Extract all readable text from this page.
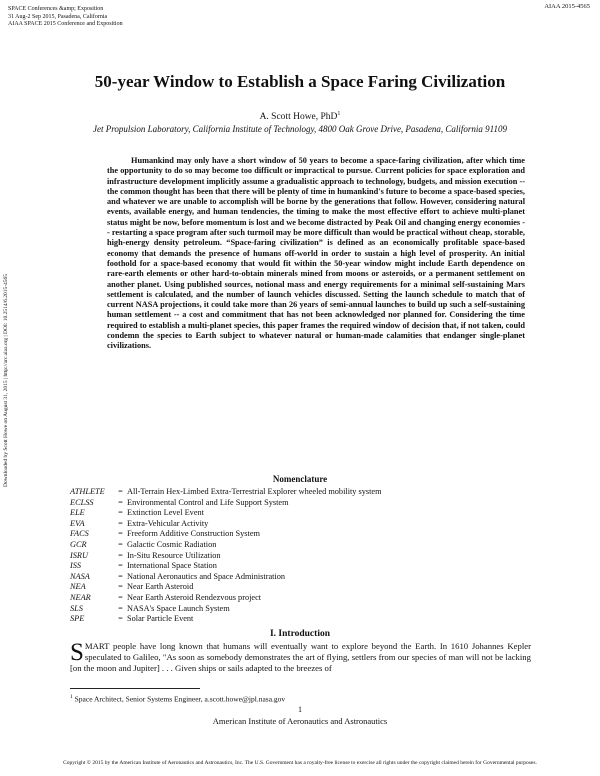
SPACE Conferences &amp; Exposition
31 Aug-2 Sep 2015, Pasadena, California
AIAA SPACE 2015 Conference and Exposition
AIAA 2015-4565
Downloaded by Scott Howe on August 31, 2015 | http://arc.aiaa.org | DOI: 10.2514/6.2015-4565
50-year Window to Establish a Space Faring Civilization
A. Scott Howe, PhD$^1$
Jet Propulsion Laboratory, California Institute of Technology, 4800 Oak Grove Drive, Pasadena, California 91109
Humankind may only have a short window of 50 years to become a space-faring civilization, after which time the opportunity to do so may become too difficult or impractical to pursue. Current policies for space exploration and infrastructure development implicitly assume a gradualistic approach to technology, budgets, and mission execution -- the common thought has been that there will be plenty of time in humankind's future to become a space-based species, and whatever we are unable to accomplish will be borne by the generations that follow. However, considering natural events, available energy, and human tendencies, the timing to make the most effective effort to achieve multi-planet status might be now, before momentum is lost and we become distracted by Peak Oil and changing energy economies -- restarting a space program after such turmoil may be more difficult than would be practical without cheap, storable, high-energy density petroleum. “Space-faring civilization” is defined as an economically profitable space-based economy that demands the presence of humans off-world in order to sustain a high level of prosperity. An initial foothold for a space-based economy that would fit within the 50-year window might include Earth dependence on rare-earth elements or other hard-to-obtain minerals mined from moons or asteroids, or a permanent settlement on another planet. Using published sources, notional mass and energy requirements for a minimal self-sustaining Mars settlement is calculated, and the number of launch vehicles discussed. Setting the launch schedule to match that of current NASA projections, it could take more than 26 years of semi-annual launches to build up such a self-sustaining human settlement -- a cost and commitment that has not been acknowledged nor planned for. Considering the time required to establish a multi-planet species, this paper frames the required window of decision that, if not taken, could condemn the species to Earth subject to whatever natural or human-made calamities that endanger single-planet civilizations.
Nomenclature
ATHLETE	= All-Terrain Hex-Limbed Extra-Terrestrial Explorer wheeled mobility system
ECLSS	= Environmental Control and Life Support System
ELE	= Extinction Level Event
EVA	= Extra-Vehicular Activity
FACS	= Freeform Additive Construction System
GCR	= Galactic Cosmic Radiation
ISRU	= In-Situ Resource Utilization
ISS	= International Space Station
NASA	= National Aeronautics and Space Administration
NEA	= Near Earth Asteroid
NEAR	= Near Earth Asteroid Rendezvous project
SLS	= NASA's Space Launch System
SPE	= Solar Particle Event
I. Introduction
SMART people have long known that humans will eventually want to explore beyond the Earth. In 1610 Johannes Kepler speculated to Galileo, "As soon as somebody demonstrates the art of flying, settlers from our species of man will not be lacking [on the moon and Jupiter] . . . Given ships or sails adapted to the breezes of
$^1$ Space Architect, Senior Systems Engineer, a.scott.howe@jpl.nasa.gov
1
American Institute of Aeronautics and Astronautics
Copyright © 2015 by the American Institute of Aeronautics and Astronautics, Inc. The U.S. Government has a royalty-free license to exercise all rights under the copyright claimed herein for Governmental purposes.
